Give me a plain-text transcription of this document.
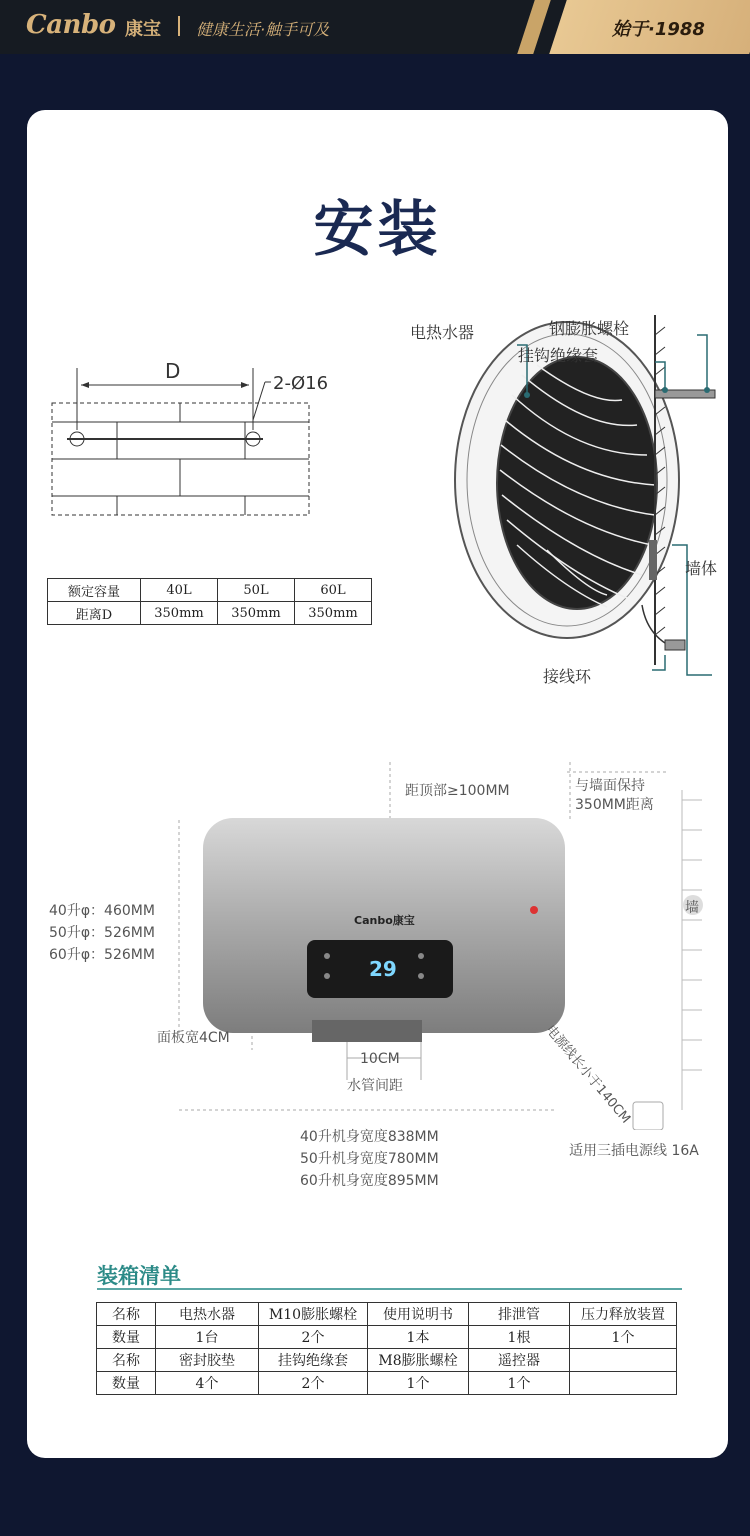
Canbo 康宝 健康生活·触手可及	始于·1988
安装
D
2-Ø16
额定容量	40L	50L	60L
距离D	350mm	350mm	350mm
电热水器
挂钩绝缘套
钢膨胀螺栓
墙体
接线环
29
Canbo康宝
距顶部≥100MM	与墙面保持
350MM距离
墙
40升φ：460MM
50升φ：526MM
60升φ：526MM
面板宽4CM
10CM
水管间距	电源线长小于140CM
适用三插电源线 16A
40升机身宽度838MM
50升机身宽度780MM
60升机身宽度895MM
装箱清单
名称	电热水器	M10膨胀螺栓	使用说明书	排泄管	压力释放装置
数量	1台	2个	1本	1根	1个
名称	密封胶垫	挂钩绝缘套	M8膨胀螺栓	遥控器	
数量	4个	2个	1个	1个	
